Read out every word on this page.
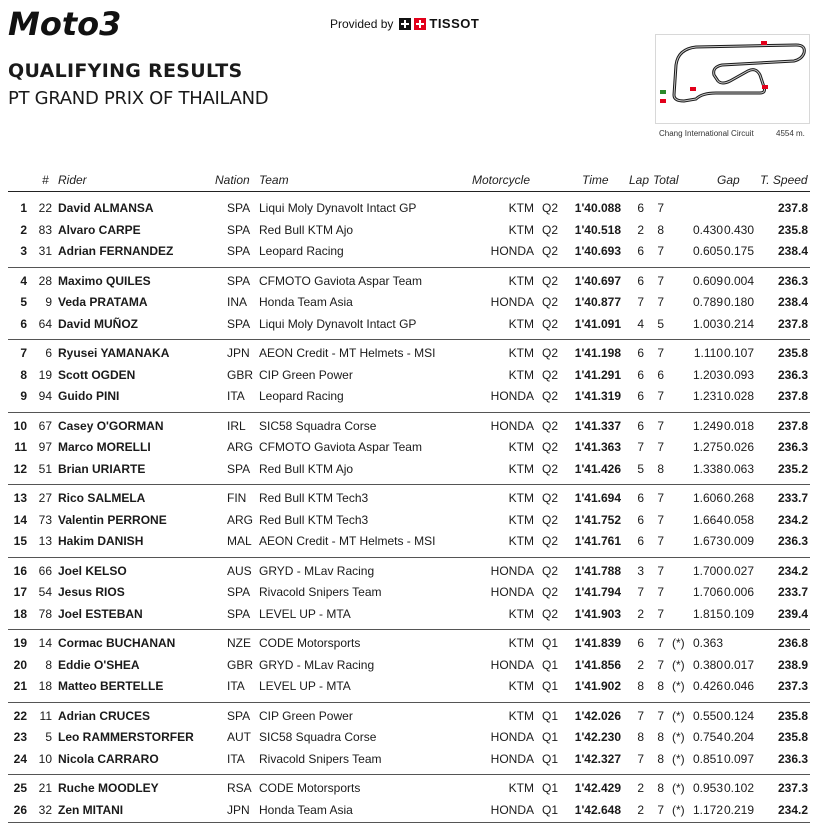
Moto3	Provided by	TISSOT
QUALIFYING RESULTS
PT GRAND PRIX OF THAILAND
Chang International Circuit	4554 m.
# Rider	Nation Team	Motorcycle	Time Lap Total	Gap T. Speed
1 22 David ALMANSA	SPA Liqui Moly Dynavolt Intact GP	KTM Q2	1'40.088 6 7	237.8
2 83 Alvaro CARPE	SPA Red Bull KTM Ajo	KTM Q2	1'40.518 2 8	0.430 0.430	235.8
3 31 Adrian FERNANDEZ	SPA Leopard Racing	HONDA Q2	1'40.693 6 7	0.605 0.175	238.4
4 28 Maximo QUILES	SPA CFMOTO Gaviota Aspar Team	KTM Q2	1'40.697 6 7	0.609 0.004	236.3
5	9 Veda PRATAMA	INA Honda Team Asia	HONDA Q2	1'40.877 7 7	0.789 0.180	238.4
6 64 David MUÑOZ	SPA Liqui Moly Dynavolt Intact GP	KTM Q2	1'41.091 4 5	1.003 0.214	237.8
7	6 Ryusei YAMANAKA	JPN AEON Credit - MT Helmets - MSI	KTM Q2	1'41.198 6 7	1.110 0.107	235.8
8 19 Scott OGDEN	GBR CIP Green Power	KTM Q2	1'41.291 6 6	1.203 0.093	236.3
9 94 Guido PINI	ITA Leopard Racing	HONDA Q2	1'41.319 6 7	1.231 0.028	237.8
10 67 Casey O'GORMAN	IRL SIC58 Squadra Corse	HONDA Q2	1'41.337 6 7	1.249 0.018	237.8
11 97 Marco MORELLI	ARG CFMOTO Gaviota Aspar Team	KTM Q2	1'41.363 7 7	1.275 0.026	236.3
12 51 Brian URIARTE	SPA Red Bull KTM Ajo	KTM Q2	1'41.426 5 8	1.338 0.063	235.2
13 27 Rico SALMELA	FIN Red Bull KTM Tech3	KTM Q2	1'41.694 6 7	1.606 0.268	233.7
14 73 Valentin PERRONE	ARG Red Bull KTM Tech3	KTM Q2	1'41.752 6 7	1.664 0.058	234.2
15 13 Hakim DANISH	MAL AEON Credit - MT Helmets - MSI	KTM Q2	1'41.761 6 7	1.673 0.009	236.3
16 66 Joel KELSO	AUS GRYD - MLav Racing	HONDA Q2	1'41.788 3 7	1.700 0.027	234.2
17 54 Jesus RIOS	SPA Rivacold Snipers Team	HONDA Q2	1'41.794 7 7	1.706 0.006	233.7
18 78 Joel ESTEBAN	SPA LEVEL UP - MTA	KTM Q2	1'41.903 2 7	1.815 0.109	239.4
19 14 Cormac BUCHANAN	NZE CODE Motorsports	KTM Q1	1'41.839 6 7 (*) 0.363	236.8
20	8 Eddie O'SHEA	GBR GRYD - MLav Racing	HONDA Q1	1'41.856 2 7 (*) 0.380 0.017	238.9
21 18 Matteo BERTELLE	ITA LEVEL UP - MTA	KTM Q1	1'41.902 8 8 (*) 0.426 0.046	237.3
22	11 Adrian CRUCES	SPA CIP Green Power	KTM Q1	1'42.026 7 7 (*) 0.550 0.124	235.8
23	5 Leo RAMMERSTORFER	AUT SIC58 Squadra Corse	HONDA Q1	1'42.230 8 8 (*) 0.754 0.204	235.8
24 10 Nicola CARRARO	ITA Rivacold Snipers Team	HONDA Q1	1'42.327 7 8 (*) 0.851 0.097	236.3
25 21 Ruche MOODLEY	RSA CODE Motorsports	KTM Q1	1'42.429 2 8 (*) 0.953 0.102	237.3
26 32 Zen MITANI	JPN Honda Team Asia	HONDA Q1	1'42.648 2 7 (*) 1.172 0.219	234.2
